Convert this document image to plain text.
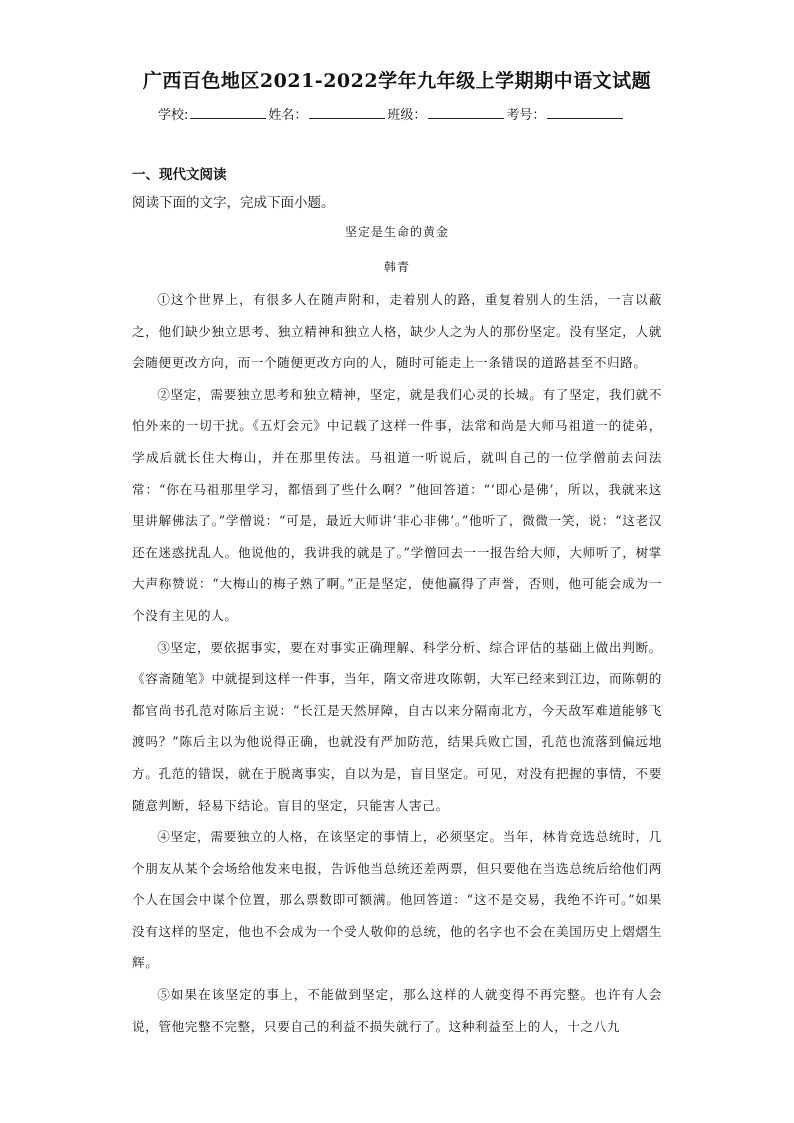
广西百色地区2021-2022学年九年级上学期期中语文试题
学校:	姓名：	班级：	考号：
一、现代文阅读
阅读下面的文字，完成下面小题。
坚定是生命的黄金
韩青

①这个世界上，有很多人在随声附和，走着别人的路，重复着别人的生活，一言以蔽之，他们缺少独立思考、独立精神和独立人格，缺少人之为人的那份坚定。没有坚定，人就会随便更改方向，而一个随便更改方向的人，随时可能走上一条错误的道路甚至不归路。

②坚定，需要独立思考和独立精神，坚定，就是我们心灵的长城。有了坚定，我们就不怕外来的一切干扰。《五灯会元》中记载了这样一件事，法常和尚是大师马祖道一的徒弟，学成后就长住大梅山，并在那里传法。马祖道一听说后，就叫自己的一位学僧前去问法常：“你在马祖那里学习，都悟到了些什么啊？”他回答道：“‘即心是佛’，所以，我就来这里讲解佛法了。”学僧说：“可是，最近大师讲‘非心非佛’。”他听了，微微一笑，说：“这老汉还在迷惑扰乱人。他说他的，我讲我的就是了。”学僧回去一一报告给大师，大师听了，树掌大声称赞说：“大梅山的梅子熟了啊。”正是坚定，使他赢得了声誉，否则，他可能会成为一个没有主见的人。

③坚定，要依据事实，要在对事实正确理解、科学分析、综合评估的基础上做出判断。《容斋随笔》中就提到这样一件事，当年，隋文帝进攻陈朝，大军已经来到江边，而陈朝的都官尚书孔范对陈后主说：“长江是天然屏障，自古以来分隔南北方，今天敌军难道能够飞渡吗？”陈后主以为他说得正确，也就没有严加防范，结果兵败亡国，孔范也流落到偏远地方。孔范的错误，就在于脱离事实，自以为是，盲目坚定。可见，对没有把握的事情，不要随意判断，轻易下结论。盲目的坚定，只能害人害己。

④坚定，需要独立的人格，在该坚定的事情上，必须坚定。当年，林肯竞选总统时，几个朋友从某个会场给他发来电报，告诉他当总统还差两票，但只要他在当选总统后给他们两个人在国会中谋个位置，那么票数即可额满。他回答道：“这不是交易，我绝不许可。”如果没有这样的坚定，他也不会成为一个受人敬仰的总统，他的名字也不会在美国历史上熠熠生辉。

⑤如果在该坚定的事上，不能做到坚定，那么这样的人就变得不再完整。也许有人会说，管他完整不完整，只要自己的利益不损失就行了。这种利益至上的人，十之八九
